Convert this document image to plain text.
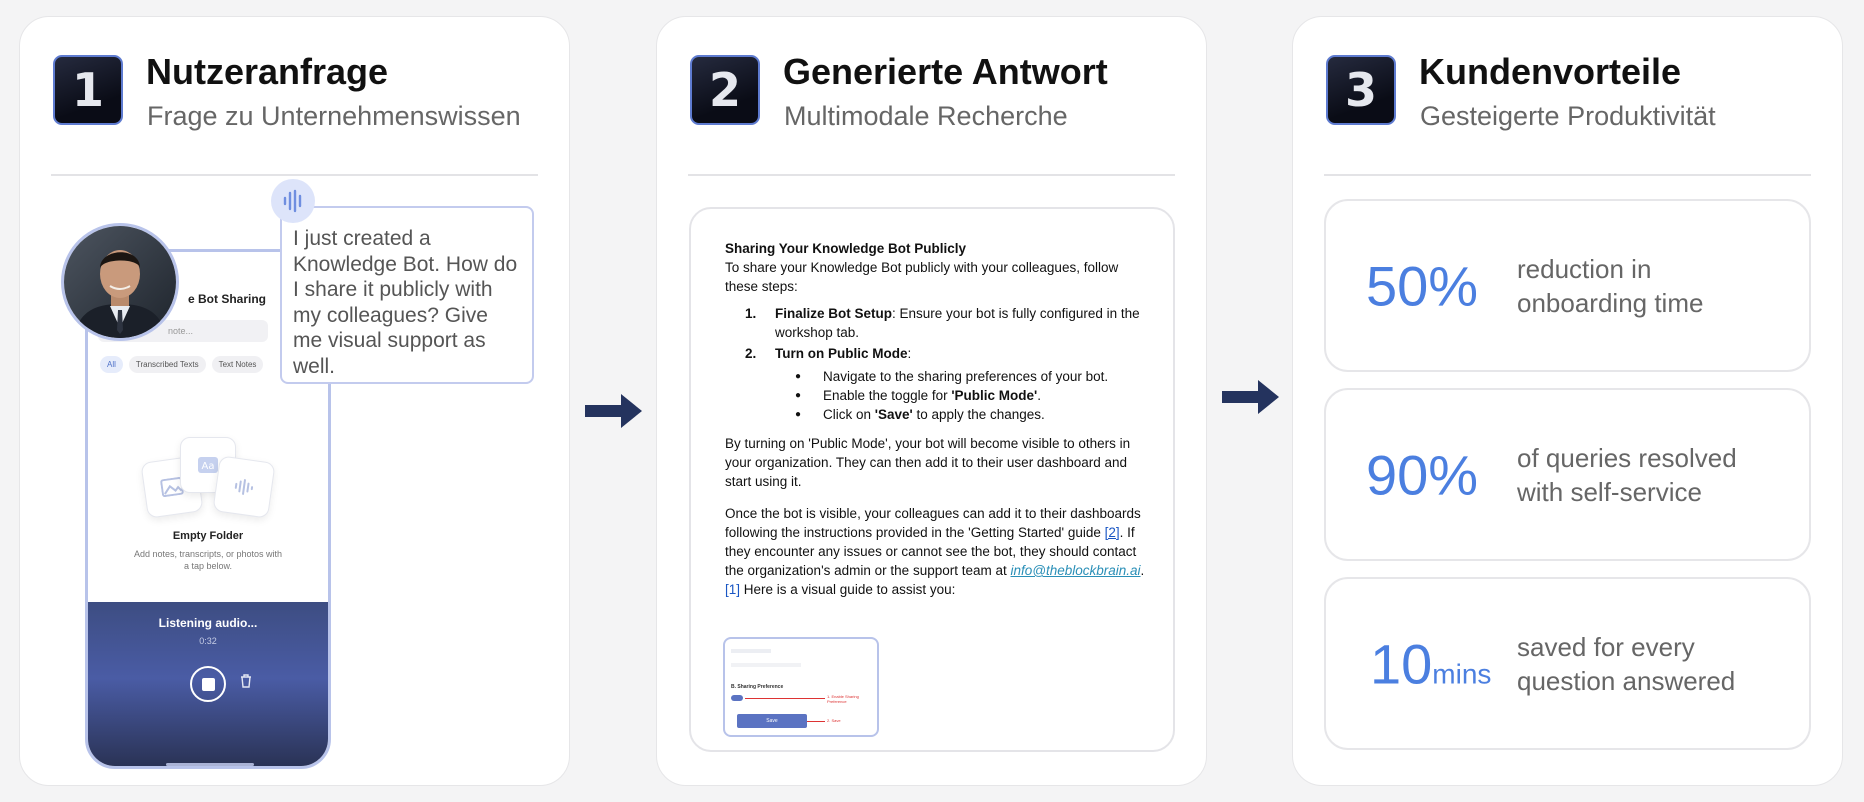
1	Nutzeranfrage
Frage zu Unternehmenswissen
e Bot Sharing
note...
All	Transcribed Texts	Text Notes
Aa
Empty Folder
Add notes, transcripts, or photos with a tap below.
Listening audio...
0:32
I just created a Knowledge Bot. How do  I share it publicly with my colleagues? Give me visual support as well.
2	Generierte Antwort
Multimodale Recherche
Sharing Your Knowledge Bot Publicly
To share your Knowledge Bot publicly with your colleagues, follow these steps:
1. Finalize Bot Setup: Ensure your bot is fully configured in the workshop tab.
2. Turn on Public Mode:
● Navigate to the sharing preferences of your bot.
● Enable the toggle for 'Public Mode'.
● Click on 'Save' to apply the changes.

By turning on 'Public Mode', your bot will become visible to others in your organization. They can then add it to their user dashboard and start using it.

Once the bot is visible, your colleagues can add it to their dashboards following the instructions provided in the 'Getting Started' guide [2]. If they encounter any issues or cannot see the bot, they should contact the organization's admin or the support team at info@theblockbrain.ai.
[1] Here is a visual guide to assist you:
B. Sharing Preference
1. Enable Sharing Preference
Save	2. Save
3	Kundenvorteile
Gesteigerte Produktivität
50% reduction in onboarding time
90% of queries resolved with self-service
10mins
saved for every question answered
